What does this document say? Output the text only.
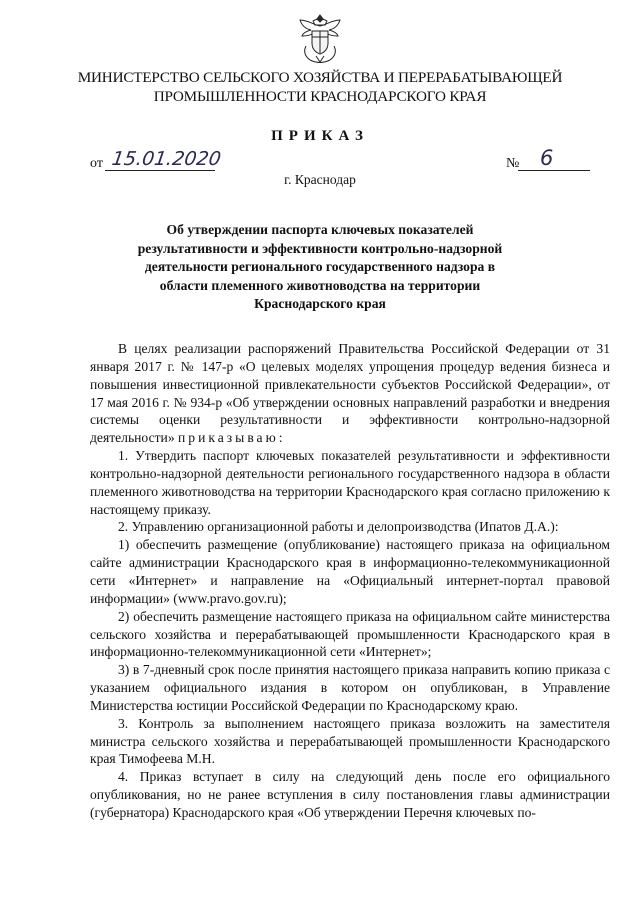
МИНИСТЕРСТВО СЕЛЬСКОГО ХОЗЯЙСТВА И ПЕРЕРАБАТЫВАЮЩЕЙ
ПРОМЫШЛЕННОСТИ КРАСНОДАРСКОГО КРАЯ
ПРИКАЗ
от 15.01.2020	№ 6
г. Краснодар
Об утверждении паспорта ключевых показателей
результативности и эффективности контрольно-надзорной
деятельности регионального государственного надзора в
области племенного животноводства на территории
Краснодарского края

В целях реализации распоряжений Правительства Российской Федерации от 31 января 2017 г. № 147-р «О целевых моделях упрощения процедур ведения бизнеса и повышения инвестиционной привлекательности субъектов Российской Федерации», от 17 мая 2016 г. № 934-р «Об утверждении основных направлений разработки и внедрения системы оценки результативности и эффективности контрольно-надзорной деятельности» приказываю:

1. Утвердить паспорт ключевых показателей результативности и эффективности контрольно-надзорной деятельности регионального государственного надзора в области племенного животноводства на территории Краснодарского края согласно приложению к настоящему приказу.

2. Управлению организационной работы и делопроизводства (Ипатов Д.А.):

1) обеспечить размещение (опубликование) настоящего приказа на официальном сайте администрации Краснодарского края в информационно-телекоммуникационной сети «Интернет» и направление на «Официальный интернет-портал правовой информации» (www.pravo.gov.ru);

2) обеспечить размещение настоящего приказа на официальном сайте министерства сельского хозяйства и перерабатывающей промышленности Краснодарского края в информационно-телекоммуникационной сети «Интернет»;

3) в 7-дневный срок после принятия настоящего приказа направить копию приказа с указанием официального издания в котором он опубликован, в Управление Министерства юстиции Российской Федерации по Краснодарскому краю.

3. Контроль за выполнением настоящего приказа возложить на заместителя министра сельского хозяйства и перерабатывающей промышленности Краснодарского края Тимофеева М.Н.

4. Приказ вступает в силу на следующий день после его официального опубликования, но не ранее вступления в силу постановления главы администрации (губернатора) Краснодарского края «Об утверждении Перечня ключевых по-
